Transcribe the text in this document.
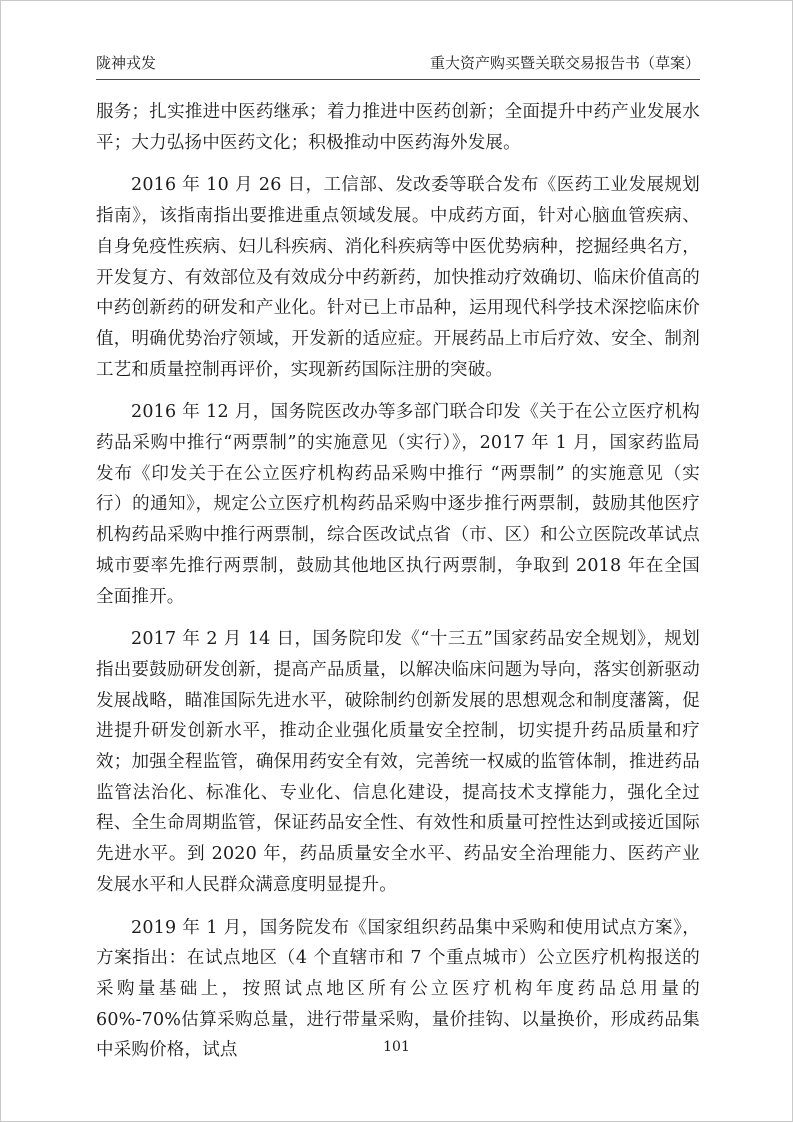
陇神戎发	重大资产购买暨关联交易报告书（草案）

服务；扎实推进中医药继承；着力推进中医药创新；全面提升中药产业发展水平；大力弘扬中医药文化；积极推动中医药海外发展。

2016 年 10 月 26 日，工信部、发改委等联合发布《医药工业发展规划指南》，该指南指出要推进重点领域发展。中成药方面，针对心脑血管疾病、自身免疫性疾病、妇儿科疾病、消化科疾病等中医优势病种，挖掘经典名方，开发复方、有效部位及有效成分中药新药，加快推动疗效确切、临床价值高的中药创新药的研发和产业化。针对已上市品种，运用现代科学技术深挖临床价值，明确优势治疗领域，开发新的适应症。开展药品上市后疗效、安全、制剂工艺和质量控制再评价，实现新药国际注册的突破。

2016 年 12 月，国务院医改办等多部门联合印发《关于在公立医疗机构药品采购中推行“两票制”的实施意见（实行）》，2017 年 1 月，国家药监局发布《印发关于在公立医疗机构药品采购中推行 “两票制” 的实施意见（实行）的通知》，规定公立医疗机构药品采购中逐步推行两票制，鼓励其他医疗机构药品采购中推行两票制，综合医改试点省（市、区）和公立医院改革试点城市要率先推行两票制，鼓励其他地区执行两票制，争取到 2018 年在全国全面推开。

2017 年 2 月 14 日，国务院印发《“十三五”国家药品安全规划》，规划指出要鼓励研发创新，提高产品质量，以解决临床问题为导向，落实创新驱动发展战略，瞄准国际先进水平，破除制约创新发展的思想观念和制度藩篱，促进提升研发创新水平，推动企业强化质量安全控制，切实提升药品质量和疗效；加强全程监管，确保用药安全有效，完善统一权威的监管体制，推进药品监管法治化、标准化、专业化、信息化建设，提高技术支撑能力，强化全过程、全生命周期监管，保证药品安全性、有效性和质量可控性达到或接近国际先进水平。到 2020 年，药品质量安全水平、药品安全治理能力、医药产业发展水平和人民群众满意度明显提升。

2019 年 1 月，国务院发布《国家组织药品集中采购和使用试点方案》，方案指出：在试点地区（4 个直辖市和 7 个重点城市）公立医疗机构报送的采购量基础上，按照试点地区所有公立医疗机构年度药品总用量的 60%-70%估算采购总量，进行带量采购，量价挂钩、以量换价，形成药品集中采购价格，试点	101
